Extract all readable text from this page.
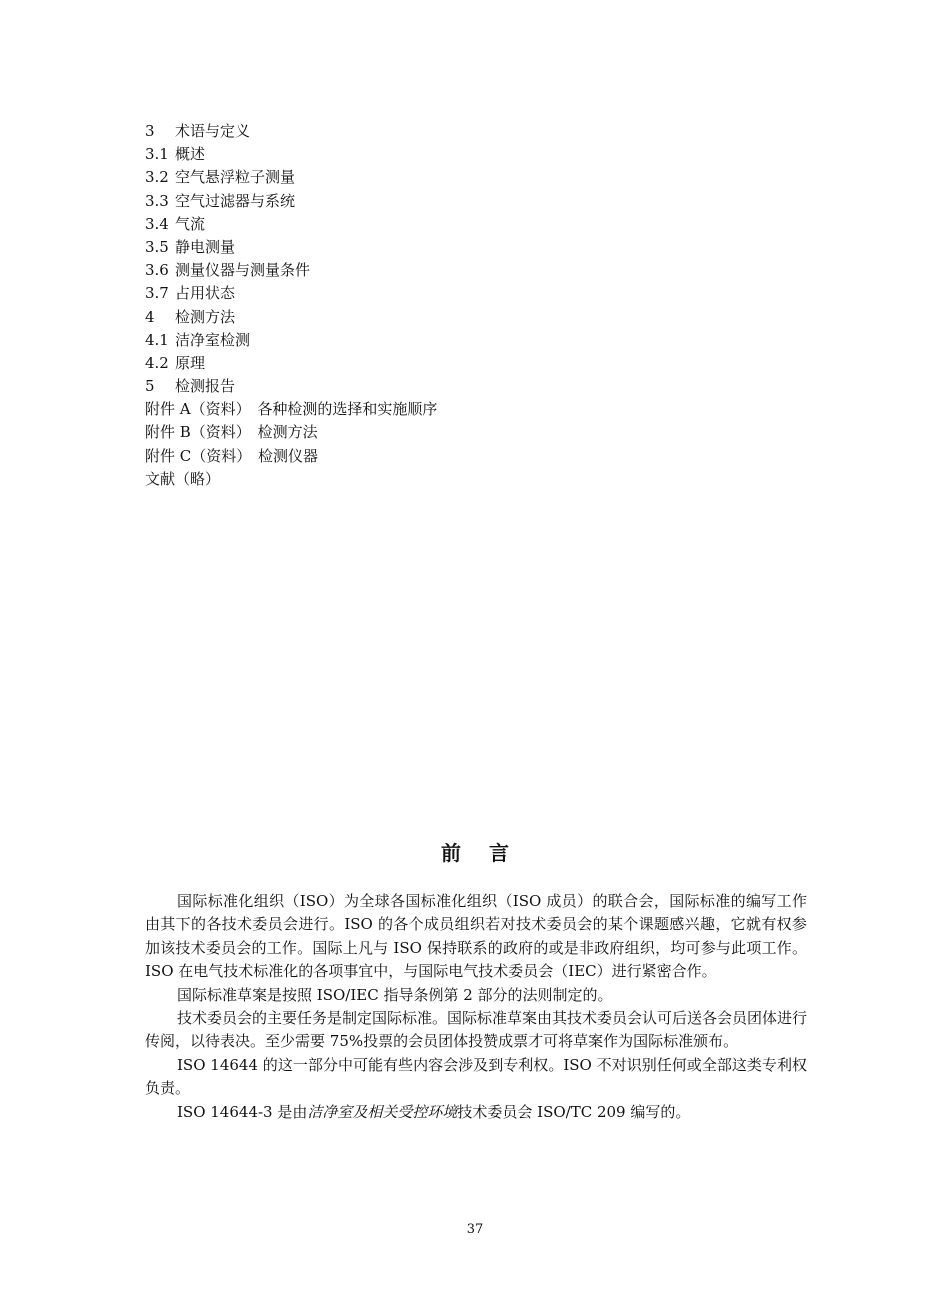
3 术语与定义
3.1 概述
3.2 空气悬浮粒子测量
3.3 空气过滤器与系统
3.4 气流
3.5 静电测量
3.6 测量仪器与测量条件
3.7 占用状态
4 检测方法
4.1 洁净室检测
4.2 原理
5 检测报告
附件 A（资料） 各种检测的选择和实施顺序
附件 B（资料） 检测方法
附件 C（资料） 检测仪器
文献（略）
前言

国际标准化组织（ISO）为全球各国标准化组织（ISO 成员）的联合会，国际标准的编写工作由其下的各技术委员会进行。ISO 的各个成员组织若对技术委员会的某个课题感兴趣，它就有权参加该技术委员会的工作。国际上凡与 ISO 保持联系的政府的或是非政府组织，均可参与此项工作。ISO 在电气技术标准化的各项事宜中，与国际电气技术委员会（IEC）进行紧密合作。

国际标准草案是按照 ISO/IEC 指导条例第 2 部分的法则制定的。

技术委员会的主要任务是制定国际标准。国际标准草案由其技术委员会认可后送各会员团体进行传阅，以待表决。至少需要 75%投票的会员团体投赞成票才可将草案作为国际标准颁布。

ISO 14644 的这一部分中可能有些内容会涉及到专利权。ISO 不对识别任何或全部这类专利权负责。

ISO 14644-3 是由洁净室及相关受控环境技术委员会 ISO/TC 209 编写的。

37
